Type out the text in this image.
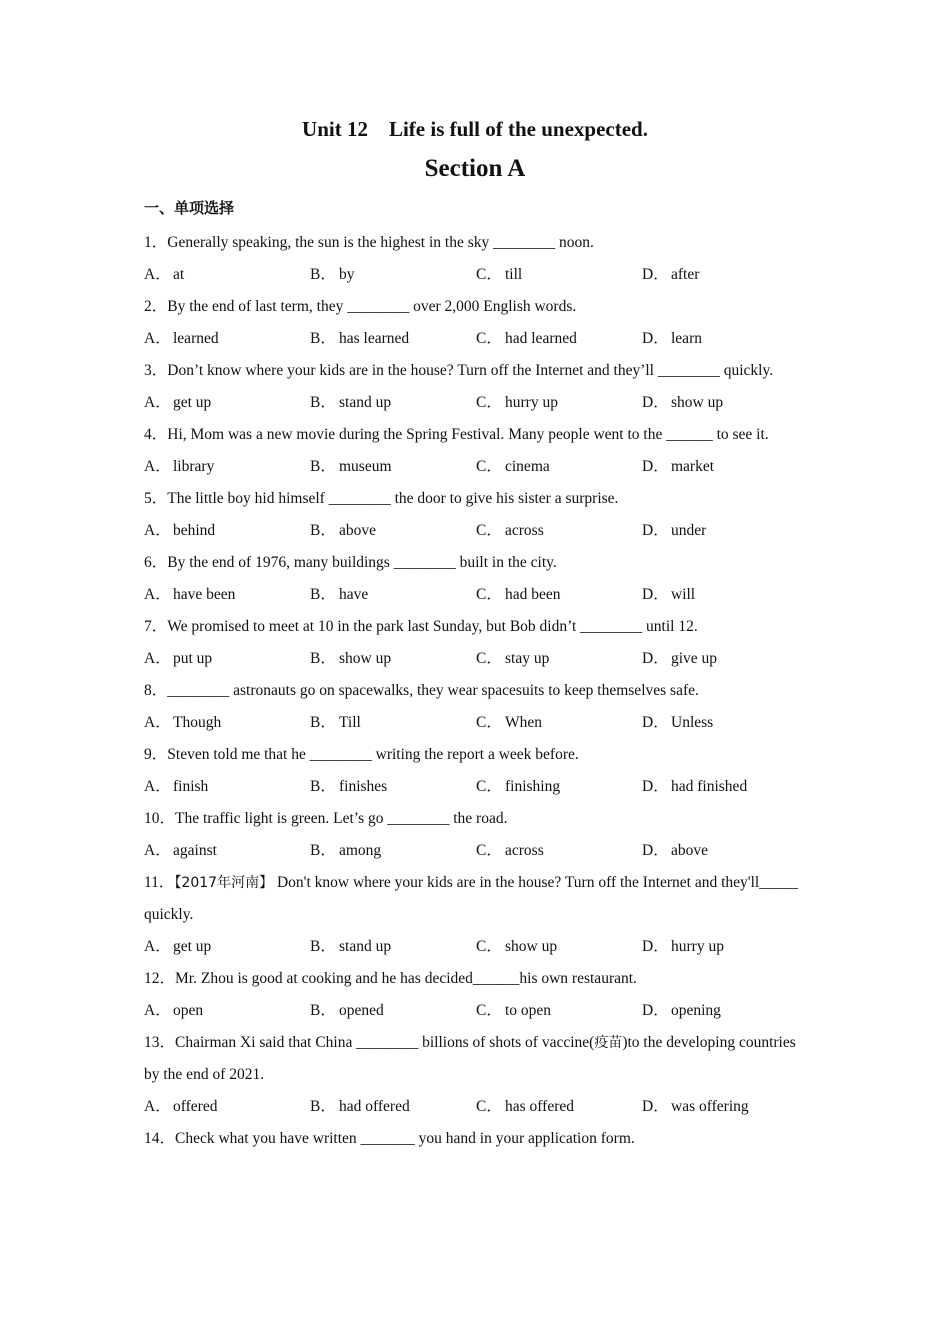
Unit 12    Life is full of the unexpected.
Section A
一、单项选择

1．Generally speaking, the sun is the highest in the sky ________ noon.

A． at	B． by	C． till	D． after

2．By the end of last term, they ________ over 2,000 English words.

A． learned	B． has learned	C． had learned	D． learn

3．Don’t know where your kids are in the house? Turn off the Internet and they’ll ________ quickly.

A． get up	B． stand up	C． hurry up	D． show up

4．Hi, Mom was a new movie during the Spring Festival. Many people went to the ______ to see it.

A． library	B． museum	C． cinema	D． market

5．The little boy hid himself ________ the door to give his sister a surprise.

A． behind	B． above	C． across	D． under

6．By the end of 1976, many buildings ________ built in the city.

A． have been	B． have	C． had been	D． will

7．We promised to meet at 10 in the park last Sunday, but Bob didn’t ________ until 12.

A． put up	B． show up	C． stay up	D． give up

8．________ astronauts go on spacewalks, they wear spacesuits to keep themselves safe.

A． Though	B． Till	C． When	D． Unless

9．Steven told me that he ________ writing the report a week before.

A． finish	B． finishes	C． finishing	D． had finished

10．The traffic light is green. Let’s go ________ the road.

A． against	B． among	C． across	D． above

11．【2017年河南】 Don't know where your kids are in the house? Turn off the Internet and they'll_____ quickly.

A． get up	B． stand up	C． show up	D． hurry up

12．Mr. Zhou is good at cooking and he has decided______his own restaurant.

A． open	B． opened	C． to open	D． opening

13．Chairman Xi said that China ________ billions of shots of vaccine(疫苗)to the developing countries by the end of 2021.

A． offered	B． had offered	C． has offered	D． was offering

14．Check what you have written _______ you hand in your application form.
